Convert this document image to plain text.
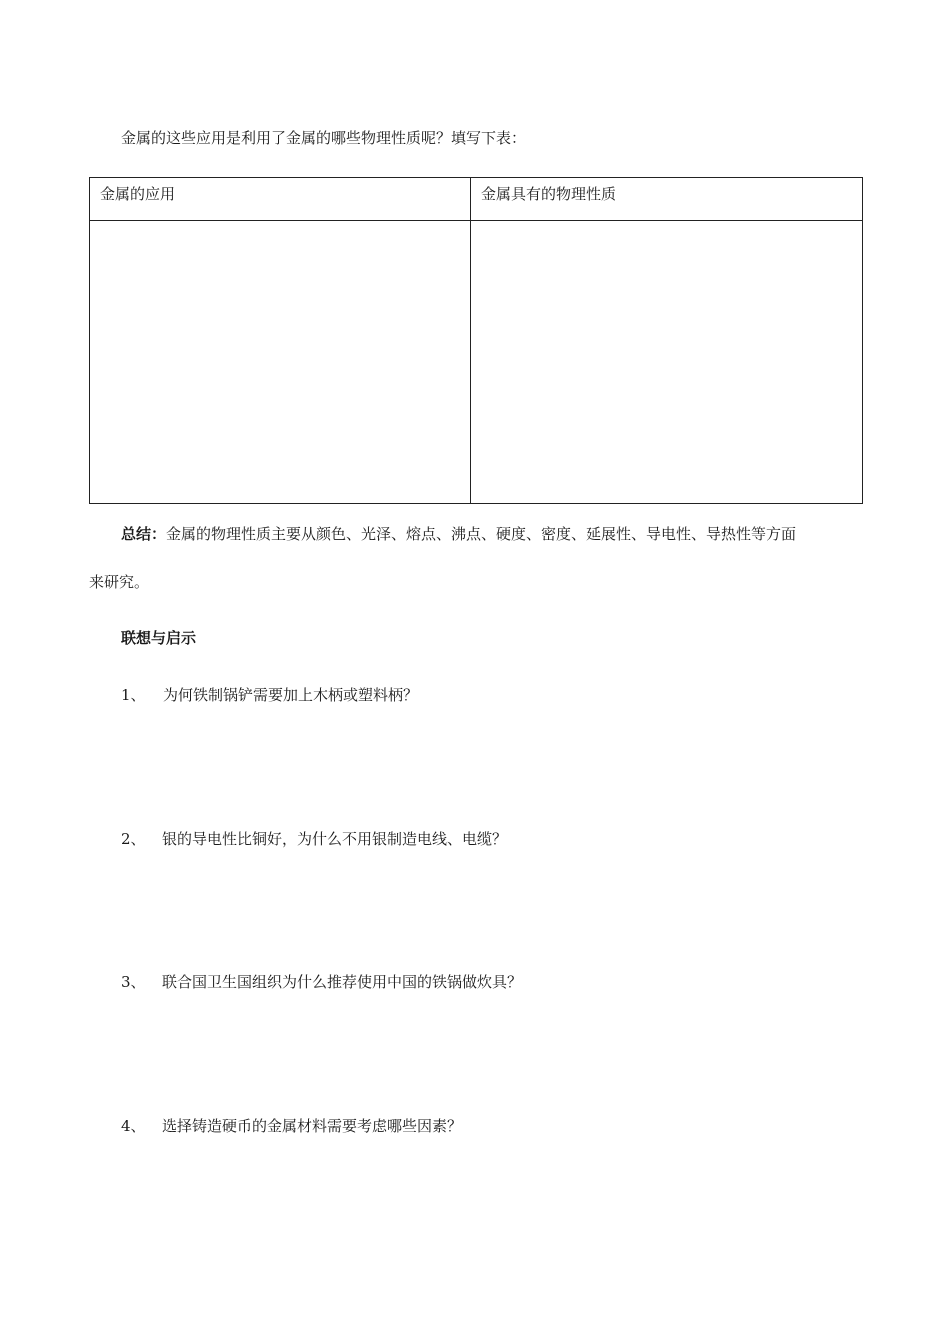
金属的这些应用是利用了金属的哪些物理性质呢？填写下表：
金属的应用	金属具有的物理性质

总结：金属的物理性质主要从颜色、光泽、熔点、沸点、硬度、密度、延展性、导电性、导热性等方面
来研究。
联想与启示
1、 为何铁制锅铲需要加上木柄或塑料柄？
2、 银的导电性比铜好，为什么不用银制造电线、电缆？
3、 联合国卫生国组织为什么推荐使用中国的铁锅做炊具？
4、 选择铸造硬币的金属材料需要考虑哪些因素？
